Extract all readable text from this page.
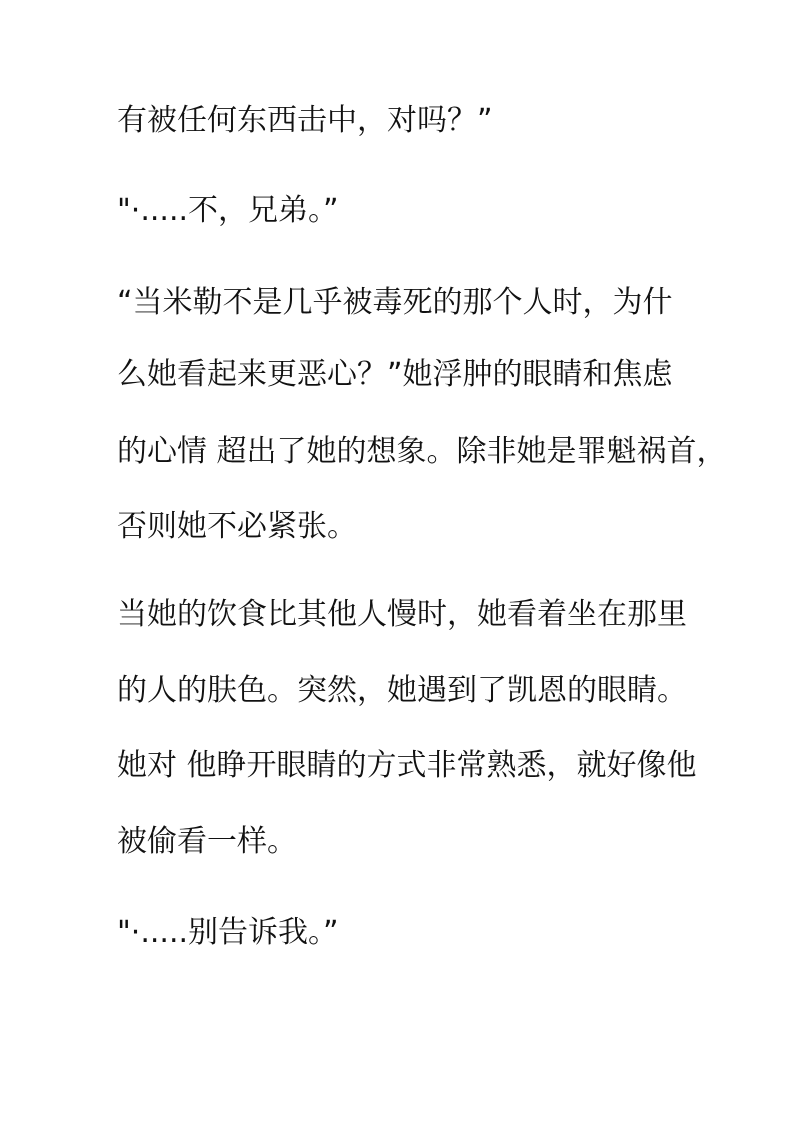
有被任何东西击中，对吗？”

"·.....不，兄弟。”

“当米勒不是几乎被毒死的那个人时，为什

么她看起来更恶心？”她浮肿的眼睛和焦虑

的心情 超出了她的想象。除非她是罪魁祸首，

否则她不必紧张。

当她的饮食比其他人慢时，她看着坐在那里

的人的肤色。突然，她遇到了凯恩的眼睛。

她对 他睁开眼睛的方式非常熟悉，就好像他

被偷看一样。

"·.....别告诉我。”
